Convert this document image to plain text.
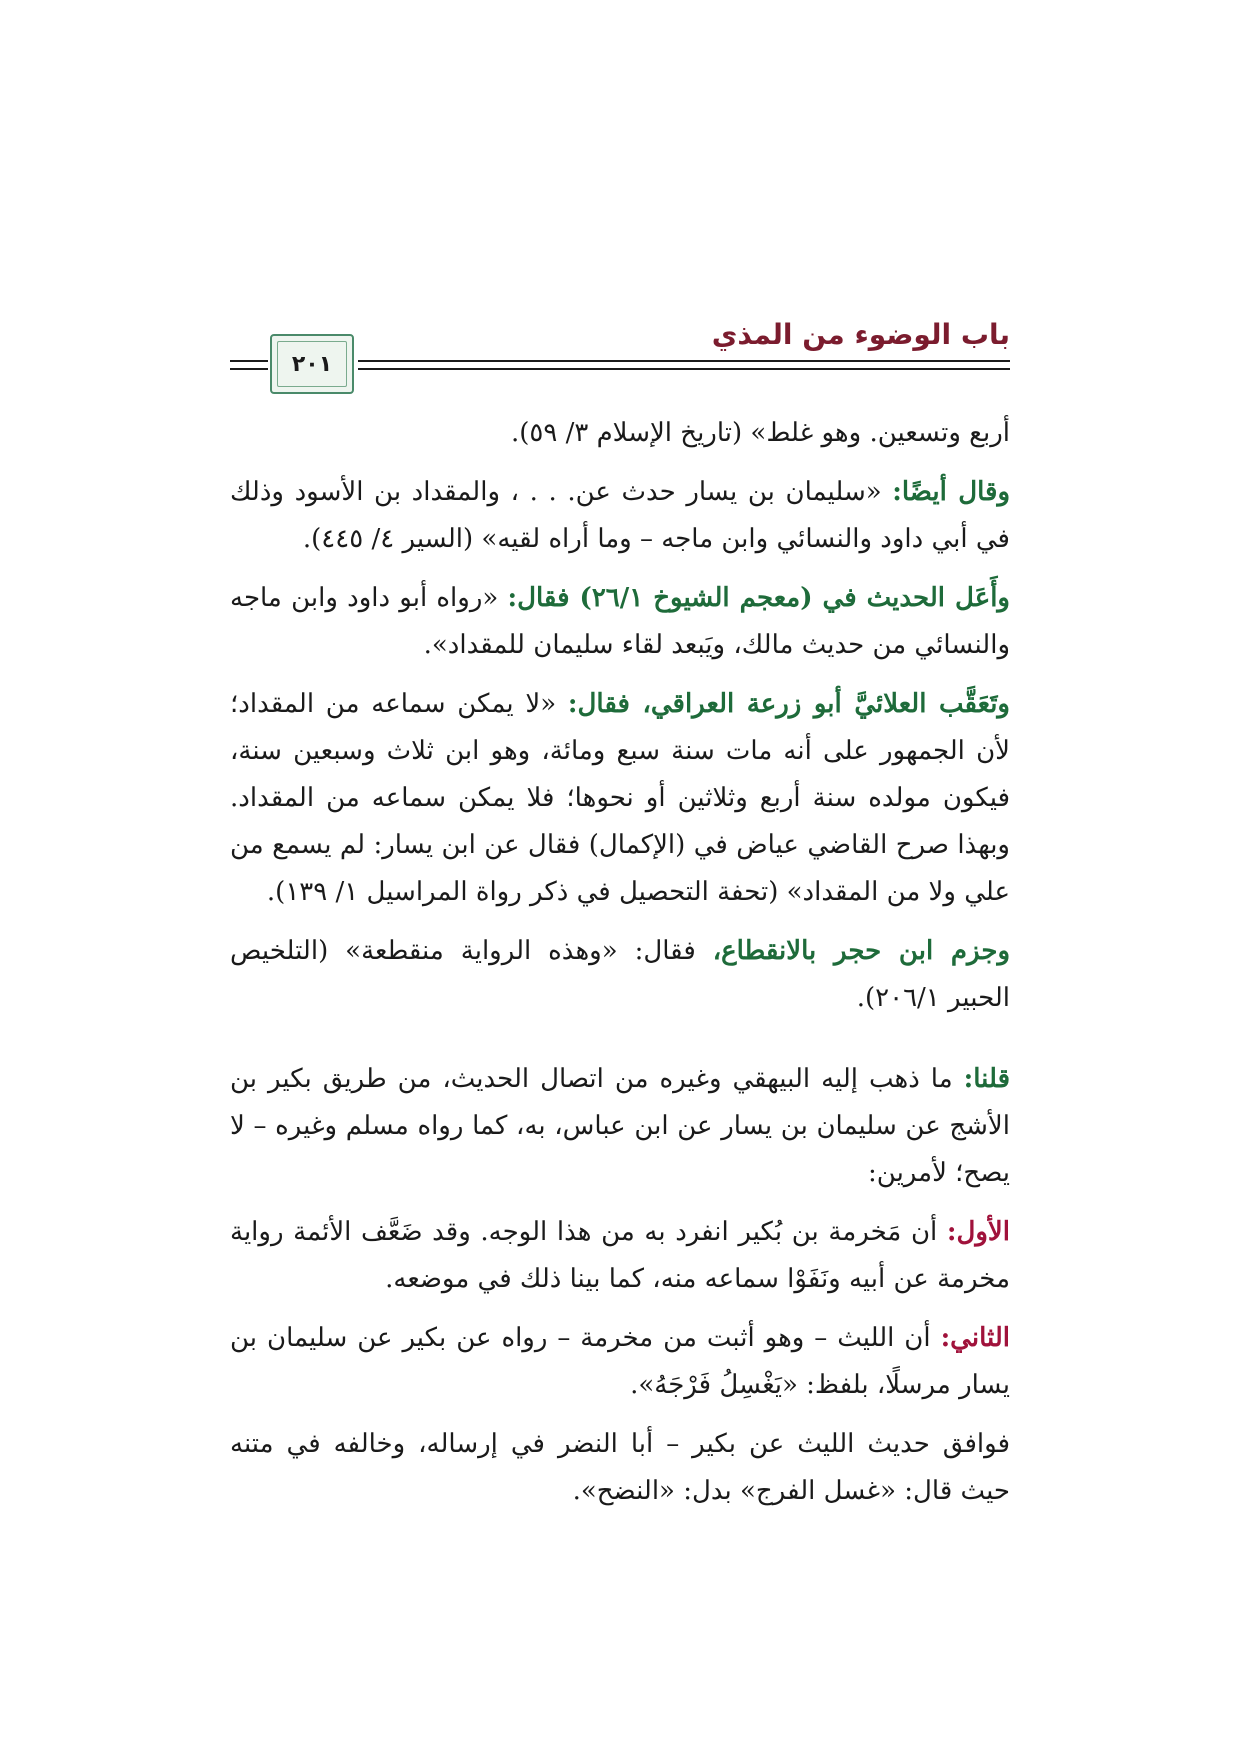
باب الوضوء من المذي
٢٠١

أربع وتسعين. وهو غلط» (تاريخ الإسلام ٣/ ٥٩).

وقال أيضًا: «سليمان بن يسار حدث عن. . . ، والمقداد بن الأسود وذلك في أبي داود والنسائي وابن ماجه – وما أراه لقيه» (السير ٤/ ٤٤٥).

وأَعَل الحديث في (معجم الشيوخ ٢٦/١) فقال: «رواه أبو داود وابن ماجه والنسائي من حديث مالك، ويَبعد لقاء سليمان للمقداد».

وتَعَقَّب العلائيَّ أبو زرعة العراقي، فقال: «لا يمكن سماعه من المقداد؛ لأن الجمهور على أنه مات سنة سبع ومائة، وهو ابن ثلاث وسبعين سنة، فيكون مولده سنة أربع وثلاثين أو نحوها؛ فلا يمكن سماعه من المقداد. وبهذا صرح القاضي عياض في (الإكمال) فقال عن ابن يسار: لم يسمع من علي ولا من المقداد» (تحفة التحصيل في ذكر رواة المراسيل ١/ ١٣٩).

وجزم ابن حجر بالانقطاع، فقال: «وهذه الرواية منقطعة» (التلخيص الحبير ٢٠٦/١).

قلنا: ما ذهب إليه البيهقي وغيره من اتصال الحديث، من طريق بكير بن الأشج عن سليمان بن يسار عن ابن عباس، به، كما رواه مسلم وغيره – لا يصح؛ لأمرين:

الأول: أن مَخرمة بن بُكير انفرد به من هذا الوجه. وقد ضَعَّف الأئمة رواية مخرمة عن أبيه ونَفَوْا سماعه منه، كما بينا ذلك في موضعه.

الثاني: أن الليث – وهو أثبت من مخرمة – رواه عن بكير عن سليمان بن يسار مرسلًا، بلفظ: «يَغْسِلُ فَرْجَهُ».

فوافق حديث الليث عن بكير – أبا النضر في إرساله، وخالفه في متنه حيث قال: «غسل الفرج» بدل: «النضح».
